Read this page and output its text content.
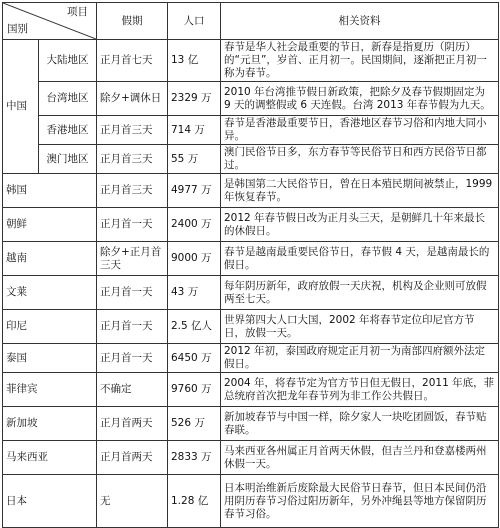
项目
国别		假期	人口	相关资料
中国	大陆地区	正月首七天	13 亿	春节是华人社会最重要的节日，新春是指夏历（阴历）的“元旦”，岁首、正月初一。民国期间，逐渐把正月初一称为春节。
	台湾地区	除夕+调休日	2329 万	2010 年台湾推节假日新政策，把除夕及春节假期固定为 9 天的调整假或 6 天连假。台湾 2013 年春节假为九天。
	香港地区	正月首三天	714 万	春节是香港最重要节日，香港地区春节习俗和内地大同小异。
	澳门地区	正月首三天	55 万	澳门民俗节日多，东方春节等民俗节日和西方民俗节日都过。
韩国		正月首三天	4977 万	是韩国第二大民俗节日，曾在日本殖民期间被禁止，1999 年恢复春节。
朝鲜		正月首一天	2400 万	2012 年春节假日改为正月头三天，是朝鲜几十年来最长的休假日。
越南		除夕+正月首三天	9000 万	春节是越南最重要民俗节日，春节假 4 天，是越南最长的假日。
文莱		正月首一天	43 万	每年阴历新年，政府放假一天庆祝，机构及企业则可放假两至七天。
印尼		正月首一天	2.5 亿人	世界第四大人口大国，2002 年将春节定位印尼官方节日，放假一天。
泰国		正月首一天	6450 万	2012 年初，泰国政府规定正月初一为南部四府额外法定假日。
菲律宾		不确定	9760 万	2004 年，将春节定为官方节日但无假日，2011 年底，菲总统府首次把龙年春节列为非工作公共假日。
新加坡		正月首两天	526 万	新加坡春节与中国一样，除夕家人一块吃团圆饭，春节贴春联。
马来西亚		正月首两天	2833 万	马来西亚各州属正月首两天休假，但吉兰丹和登嘉楼两州休假一天。
日本		无	1.28 亿	日本明治维新后废除最大民俗节日春节，但日本民间仍沿用阴历春节习俗过阳历新年，另外冲绳县等地方保留阴历春节习俗。
